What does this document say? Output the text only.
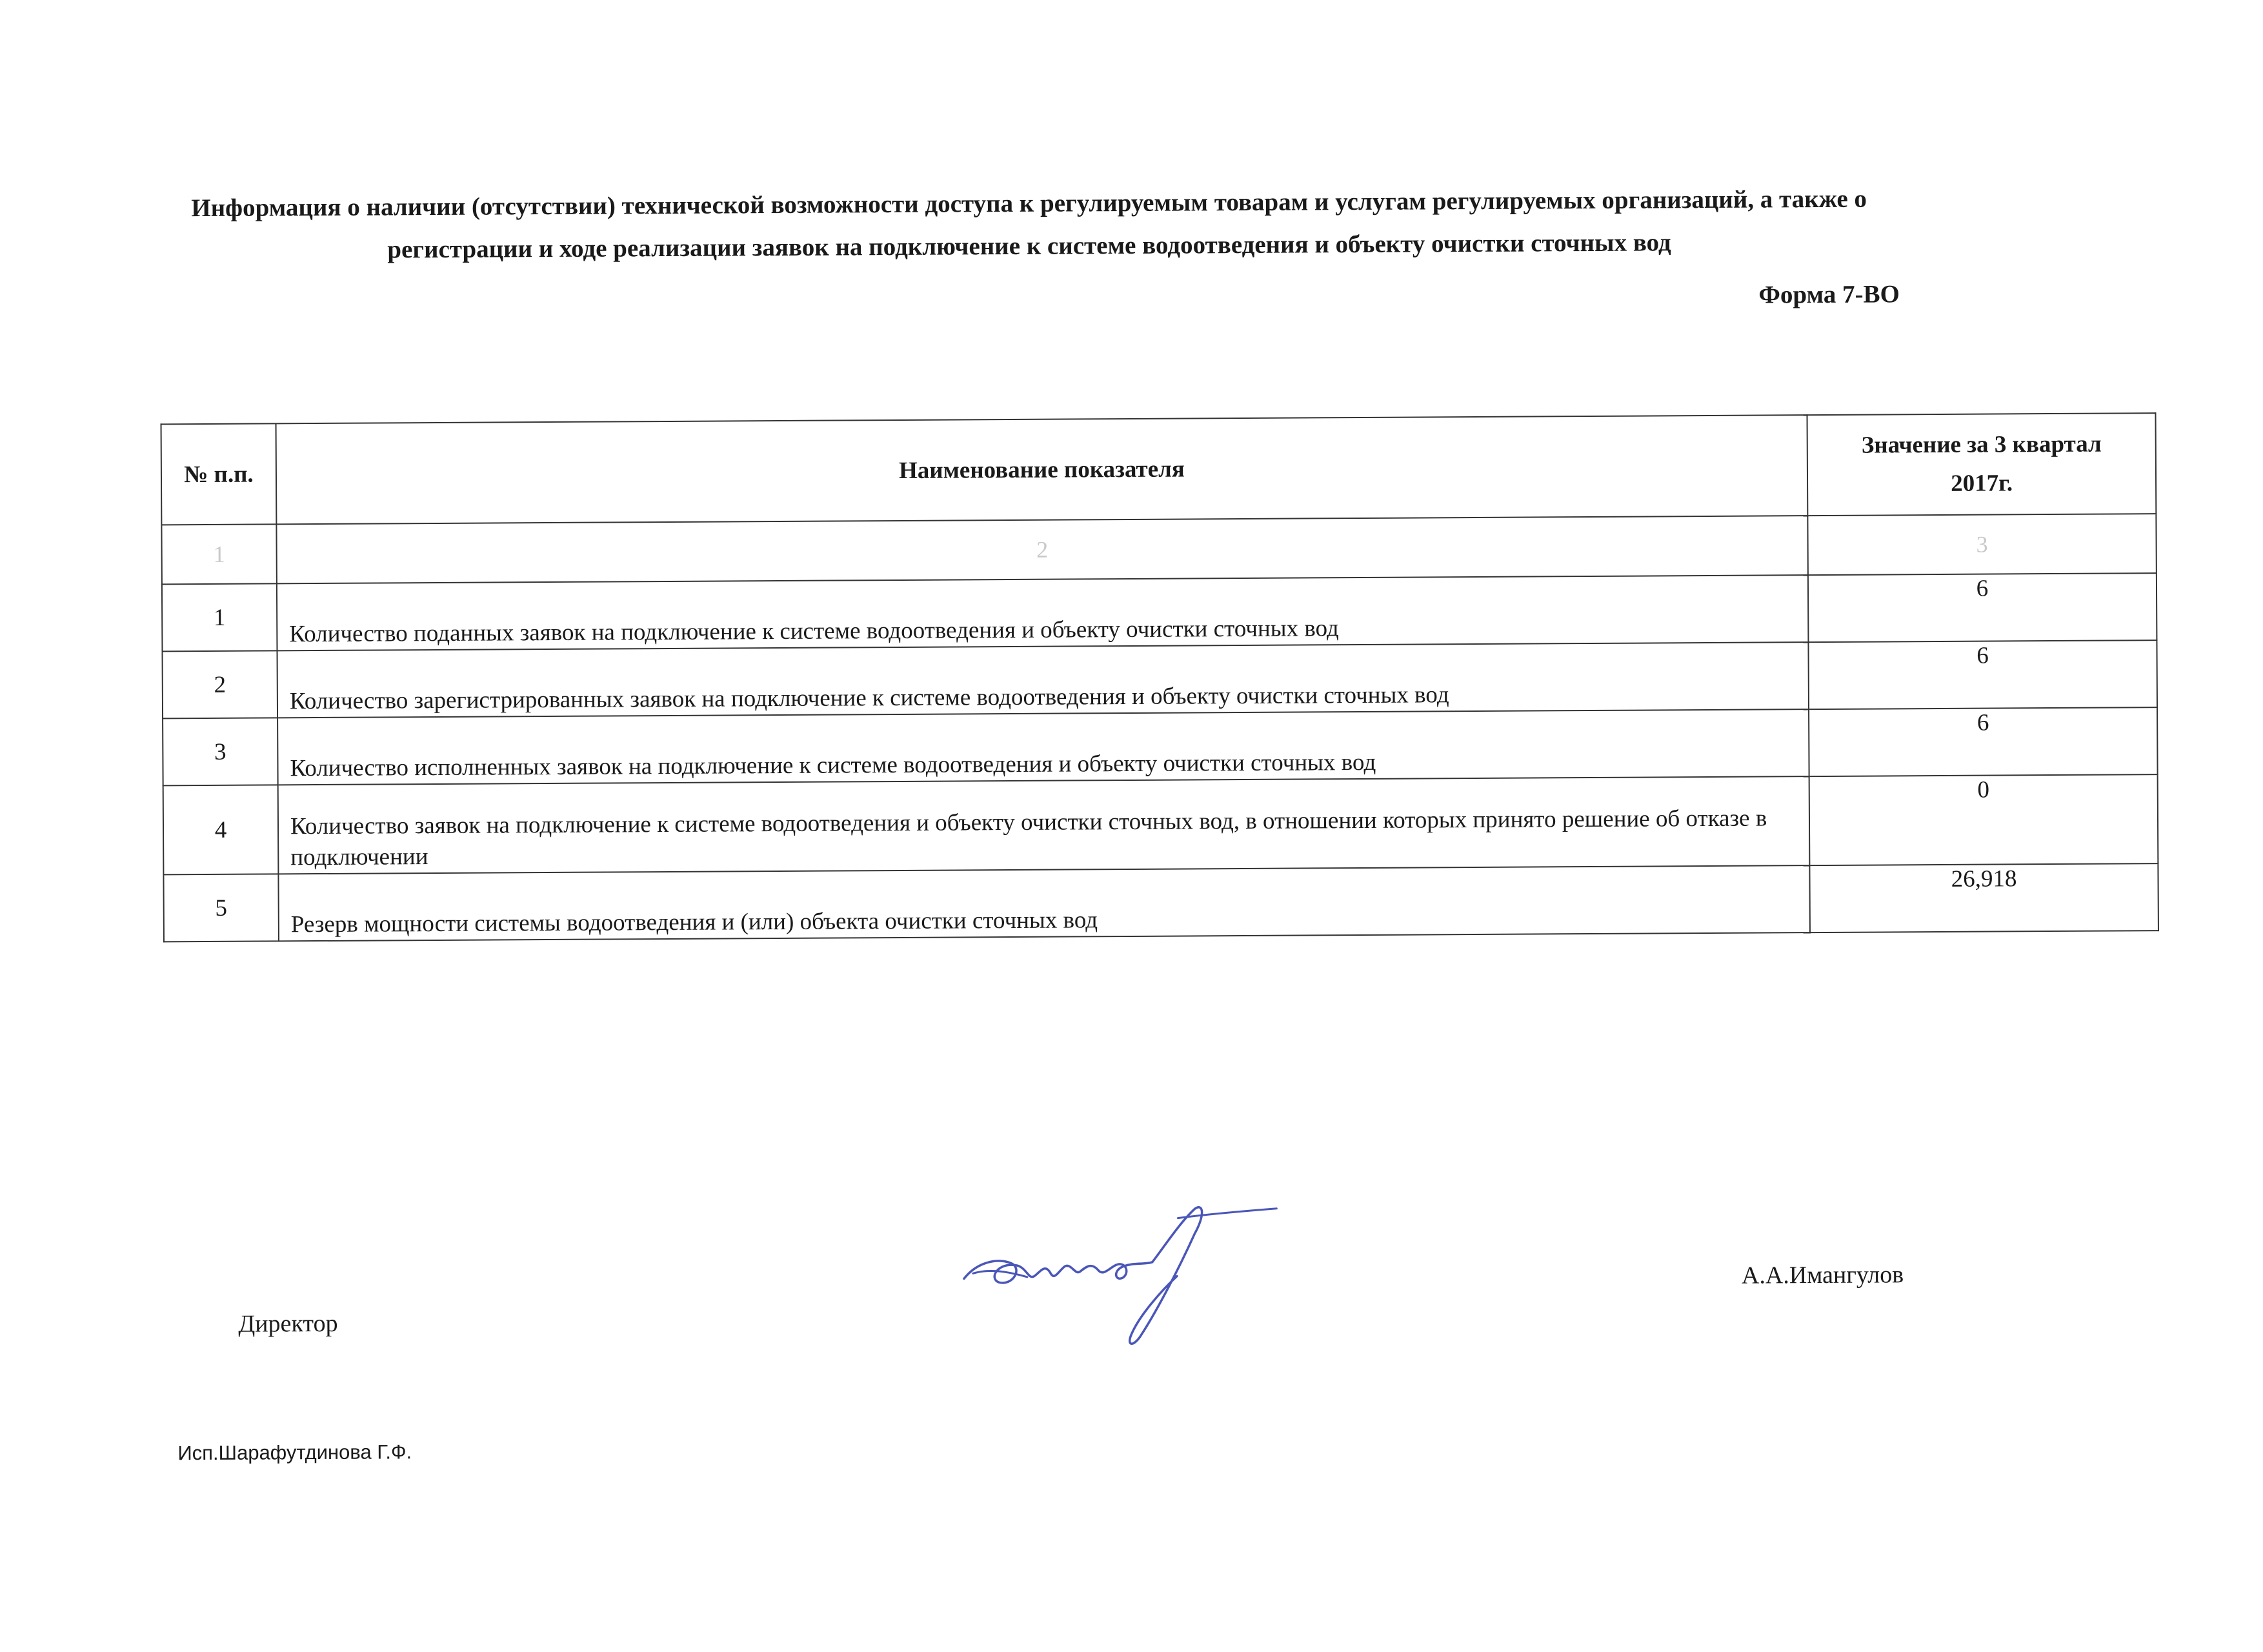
Информация о наличии (отсутствии) технической возможности доступа к регулируемым товарам и услугам регулируемых организаций, а также о
регистрации и ходе реализации заявок на подключение к системе водоотведения и объекту очистки сточных вод
Форма 7-ВО
№ п.п.	Наименование показателя	Значение за 3 квартал
2017г.

1	2	3
1	Количество поданных заявок на подключение к системе водоотведения и объекту очистки сточных вод	6
2	Количество зарегистрированных заявок на подключение к системе водоотведения и объекту очистки сточных вод	6
3	Количество исполненных заявок на подключение к системе водоотведения и объекту очистки сточных вод	6
4	Количество заявок на подключение к системе водоотведения и объекту очистки сточных вод, в отношении которых принято решение об отказе в подключении	0
5	Резерв мощности системы водоотведения и (или) объекта очистки сточных вод	26,918
Директор
А.А.Имангулов
Исп.Шарафутдинова Г.Ф.
